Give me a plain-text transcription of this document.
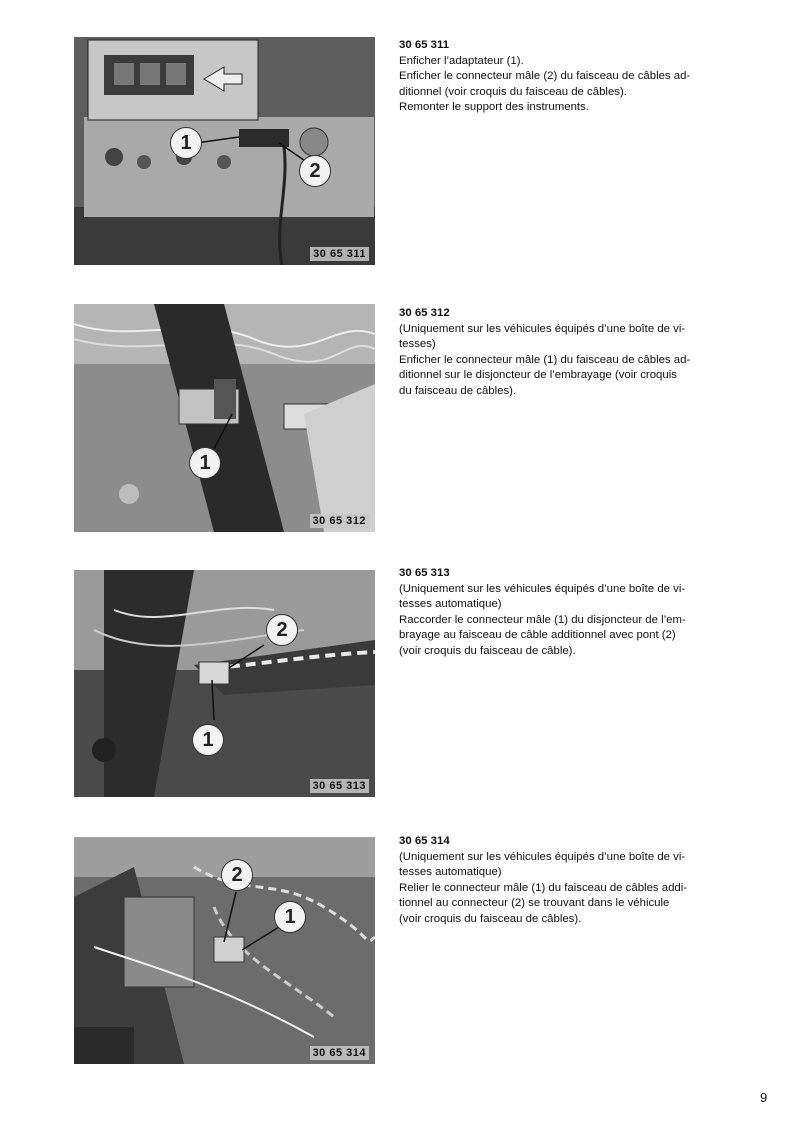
1
2
30 65 311
30 65 311
Enficher l’adaptateur (1).
Enficher le connecteur mâle (2) du faisceau de câbles ad-
ditionnel (voir croquis du faisceau de câbles).
Remonter le support des instruments.
1
30 65 312
30 65 312
(Uniquement sur les véhicules équipés d’une boîte de vi-
tesses)
Enficher le connecteur mâle (1) du faisceau de câbles ad-
ditionnel sur le disjoncteur de l’embrayage (voir croquis
du faisceau de câbles).
2
1
30 65 313
30 65 313
(Uniquement sur les véhicules équipés d’une boîte de vi-
tesses automatique)
Raccorder le connecteur mâle (1) du disjoncteur de l’em-
brayage au faisceau de câble additionnel avec pont (2)
(voir croquis du faisceau de câble).
2
1
30 65 314
30 65 314
(Uniquement sur les véhicules équipés d’une boîte de vi-
tesses automatique)
Relier le connecteur mâle (1) du faisceau de câbles addi-
tionnel au connecteur (2) se trouvant dans le véhicule
(voir croquis du faisceau de câbles).
9
